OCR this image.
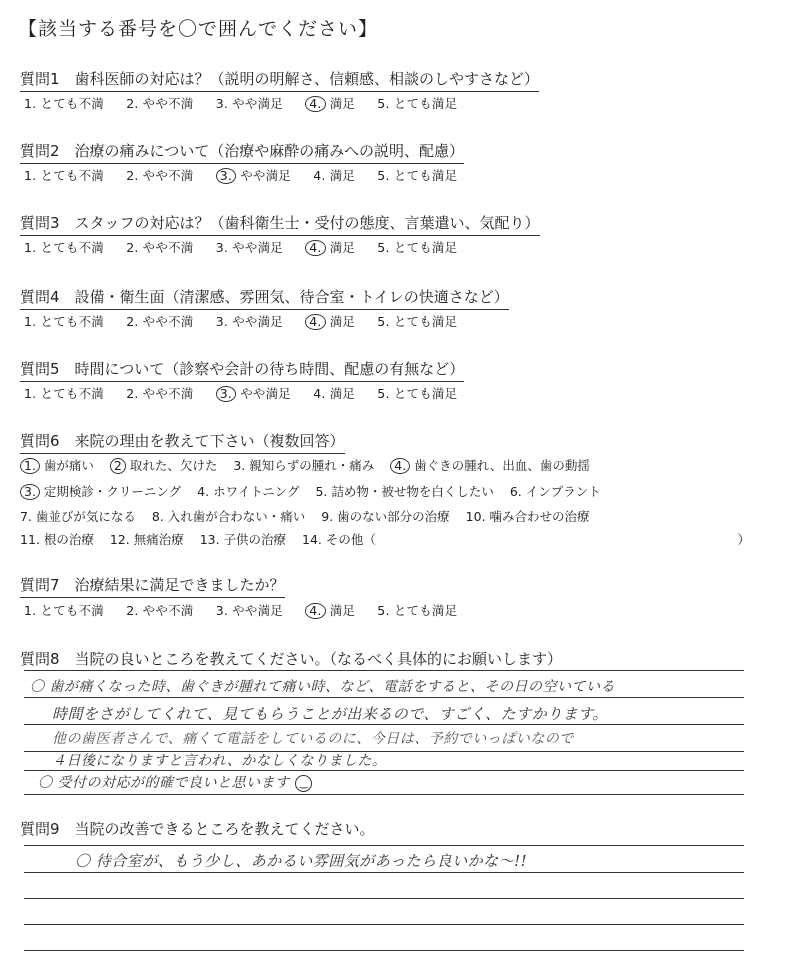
【該当する番号を〇で囲んでください】
質問1　歯科医師の対応は？（説明の明解さ、信頼感、相談のしやすさなど）
1. とても不満 2. やや不満 3. やや満足 4. 満足 5. とても満足
質問2　治療の痛みについて（治療や麻酔の痛みへの説明、配慮）
1. とても不満 2. やや不満 3. やや満足 4. 満足 5. とても満足
質問3　スタッフの対応は？（歯科衛生士・受付の態度、言葉遣い、気配り）
1. とても不満 2. やや不満 3. やや満足 4. 満足 5. とても満足
質問4　設備・衛生面（清潔感、雰囲気、待合室・トイレの快適さなど）
1. とても不満 2. やや不満 3. やや満足 4. 満足 5. とても満足
質問5　時間について（診察や会計の待ち時間、配慮の有無など）
1. とても不満 2. やや不満 3. やや満足 4. 満足 5. とても満足
質問6　来院の理由を教えて下さい（複数回答）
1. 歯が痛い 2 取れた、欠けた 3. 親知らずの腫れ・痛み 4. 歯ぐきの腫れ、出血、歯の動揺
3. 定期検診・クリーニング 4. ホワイトニング 5. 詰め物・被せ物を白くしたい 6. インプラント
7. 歯並びが気になる 8. 入れ歯が合わない・痛い 9. 歯のない部分の治療 10. 噛み合わせの治療
11. 根の治療 12. 無痛治療 13. 子供の治療 14. その他（	）
質問7　治療結果に満足できましたか？
1. とても不満 2. やや不満 3. やや満足 4. 満足 5. とても満足
質問8　当院の良いところを教えてください。（なるべく具体的にお願いします）
〇 歯が痛くなった時、歯ぐきが腫れて痛い時、など、電話をすると、その日の空いている
時間をさがしてくれて、見てもらうことが出来るので、すごく、たすかります。
他の歯医者さんで、痛くて電話をしているのに、今日は、予約でいっぱいなので
４日後になりますと言われ、かなしくなりました。
〇 受付の対応が的確で良いと思います ‿
質問9　当院の改善できるところを教えてください。
〇 待合室が、もう少し、あかるい雰囲気があったら良いかな〜!!
